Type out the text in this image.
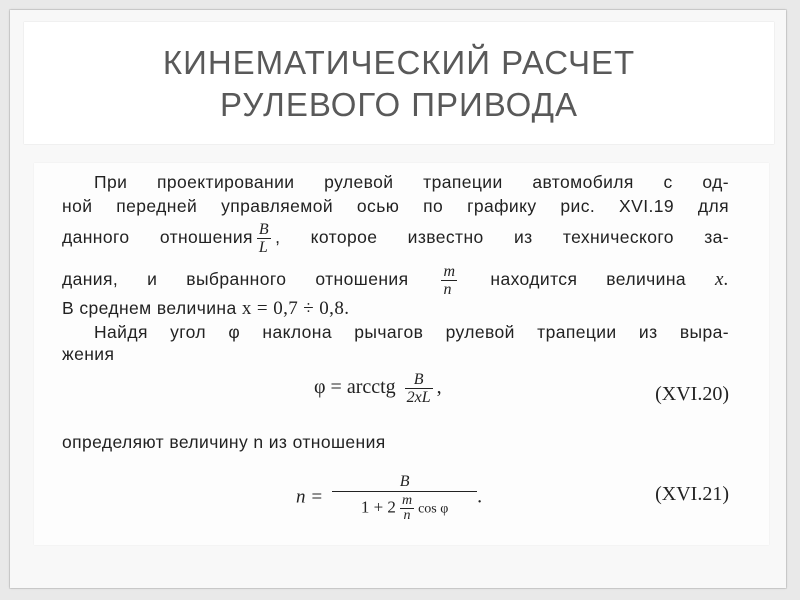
КИНЕМАТИЧЕСКИЙ РАСЧЕТ
РУЛЕВОГО ПРИВОДА
При проектировании рулевой трапеции автомобиля с од-
ной передней управляемой осью по графику рис. XVI.19 для
данного отношения $\frac{B}{L}$ , которое известно из технического за-
дания, и выбранного отношения $\frac{m}{n}$ находится величина x.
В среднем величина x = 0,7 ÷ 0,8.
Найдя угол φ наклона рычагов рулевой трапеции из выра-
жения
φ = arcctg $\frac{B}{2xL}$ ,	(XVI.20)
определяют величину n из отношения
$n = \frac{B}{1 + 2 \frac{m}{n} \cos \varphi}$ .	(XVI.21)
